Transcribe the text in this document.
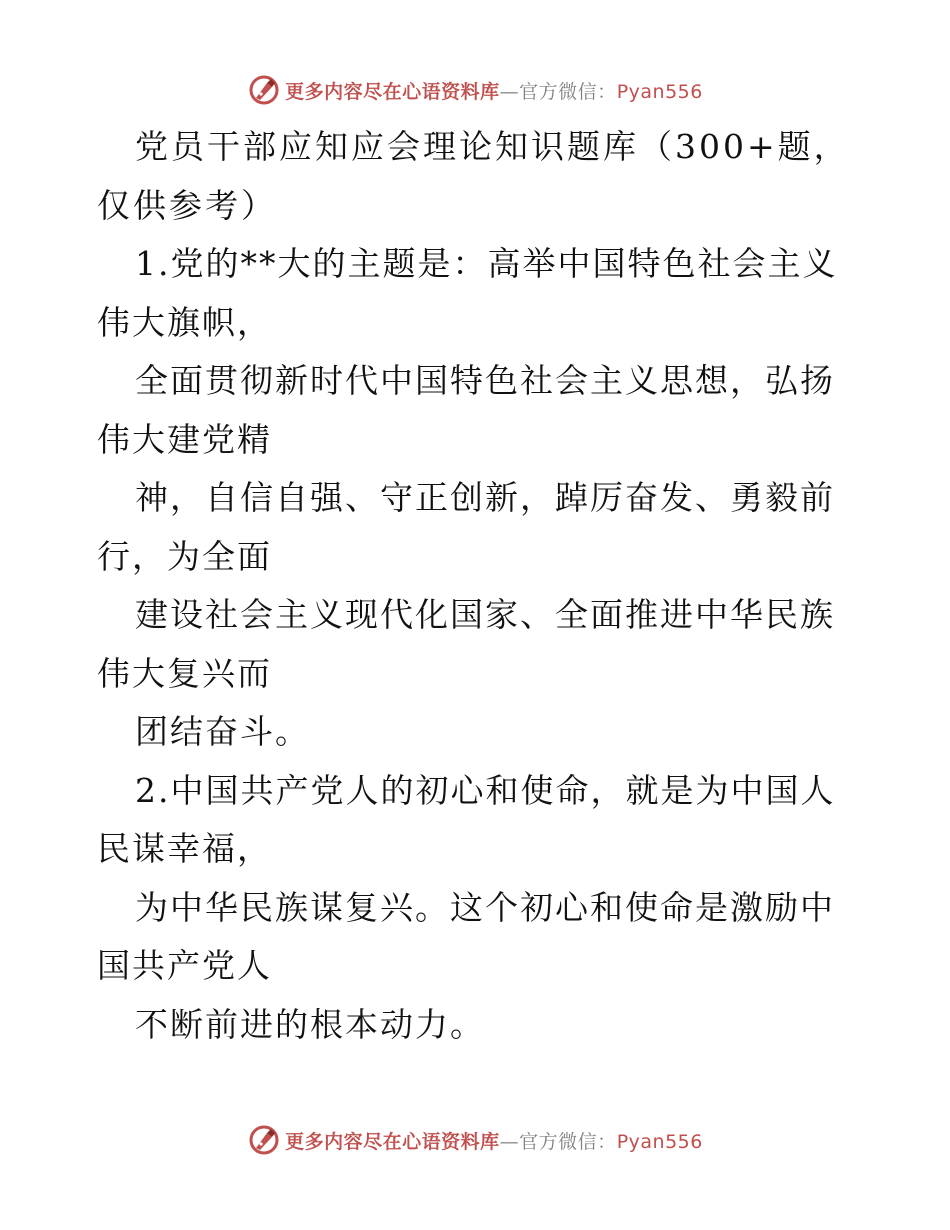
更多内容尽在心语资料库—官方微信：Pyan556

党员干部应知应会理论知识题库（300+题，仅供参考）

1.党的**大的主题是：高举中国特色社会主义伟大旗帜，

全面贯彻新时代中国特色社会主义思想，弘扬伟大建党精

神，自信自强、守正创新，踔厉奋发、勇毅前行，为全面

建设社会主义现代化国家、全面推进中华民族伟大复兴而

团结奋斗。

2.中国共产党人的初心和使命，就是为中国人民谋幸福，

为中华民族谋复兴。这个初心和使命是激励中国共产党人

不断前进的根本动力。

更多内容尽在心语资料库—官方微信：Pyan556
